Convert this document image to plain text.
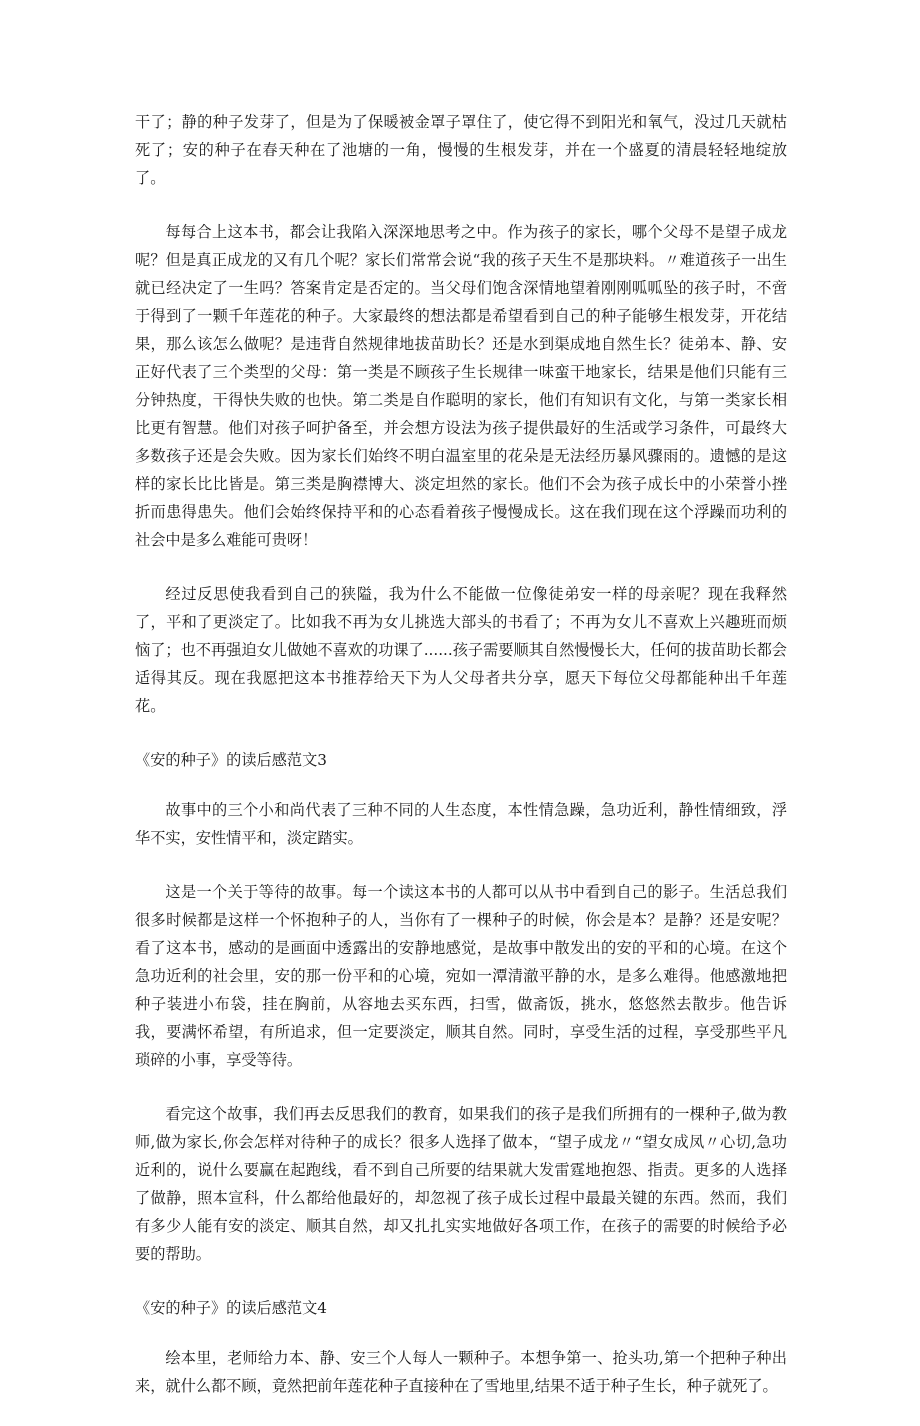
干了；静的种子发芽了，但是为了保暖被金罩子罩住了，使它得不到阳光和氧气，没过几天就枯死了；安的种子在春天种在了池塘的一角，慢慢的生根发芽，并在一个盛夏的清晨轻轻地绽放了。

每每合上这本书，都会让我陷入深深地思考之中。作为孩子的家长，哪个父母不是望子成龙呢？但是真正成龙的又有几个呢？家长们常常会说“我的孩子天生不是那块料。〃难道孩子一出生就已经决定了一生吗？答案肯定是否定的。当父母们饱含深情地望着刚刚呱呱坠的孩子时，不啻于得到了一颗千年莲花的种子。大家最终的想法都是希望看到自己的种子能够生根发芽，开花结果，那么该怎么做呢？是违背自然规律地拔苗助长？还是水到渠成地自然生长？徒弟本、静、安正好代表了三个类型的父母：第一类是不顾孩子生长规律一味蛮干地家长，结果是他们只能有三分钟热度，干得快失败的也快。第二类是自作聪明的家长，他们有知识有文化，与第一类家长相比更有智慧。他们对孩子呵护备至，并会想方设法为孩子提供最好的生活或学习条件，可最终大多数孩子还是会失败。因为家长们始终不明白温室里的花朵是无法经历暴风骤雨的。遗憾的是这样的家长比比皆是。第三类是胸襟博大、淡定坦然的家长。他们不会为孩子成长中的小荣誉小挫折而患得患失。他们会始终保持平和的心态看着孩子慢慢成长。这在我们现在这个浮躁而功利的社会中是多么难能可贵呀！

经过反思使我看到自己的狭隘，我为什么不能做一位像徒弟安一样的母亲呢？现在我释然了，平和了更淡定了。比如我不再为女儿挑选大部头的书看了；不再为女儿不喜欢上兴趣班而烦恼了；也不再强迫女儿做她不喜欢的功课了......孩子需要顺其自然慢慢长大，任何的拔苗助长都会适得其反。现在我愿把这本书推荐给天下为人父母者共分享，愿天下每位父母都能种出千年莲花。

《安的种子》的读后感范文3

故事中的三个小和尚代表了三种不同的人生态度，本性情急躁，急功近利，静性情细致，浮华不实，安性情平和，淡定踏实。

这是一个关于等待的故事。每一个读这本书的人都可以从书中看到自己的影子。生活总我们很多时候都是这样一个怀抱种子的人，当你有了一棵种子的时候，你会是本？是静？还是安呢？看了这本书，感动的是画面中透露出的安静地感觉，是故事中散发出的安的平和的心境。在这个急功近利的社会里，安的那一份平和的心境，宛如一潭清澈平静的水，是多么难得。他感激地把种子装进小布袋，挂在胸前，从容地去买东西，扫雪，做斋饭，挑水，悠悠然去散步。他告诉我，要满怀希望，有所追求，但一定要淡定，顺其自然。同时，享受生活的过程，享受那些平凡琐碎的小事，享受等待。

看完这个故事，我们再去反思我们的教育，如果我们的孩子是我们所拥有的一棵种子,做为教师,做为家长,你会怎样对待种子的成长？很多人选择了做本，“望子成龙〃“望女成凤〃心切,急功近利的，说什么要赢在起跑线，看不到自己所要的结果就大发雷霆地抱怨、指责。更多的人选择了做静，照本宣科，什么都给他最好的，却忽视了孩子成长过程中最最关键的东西。然而，我们有多少人能有安的淡定、顺其自然，却又扎扎实实地做好各项工作，在孩子的需要的时候给予必要的帮助。

《安的种子》的读后感范文4

绘本里，老师给力本、静、安三个人每人一颗种子。本想争第一、抢头功,第一个把种子种出来，就什么都不顾，竟然把前年莲花种子直接种在了雪地里,结果不适于种子生长，种子就死了。
